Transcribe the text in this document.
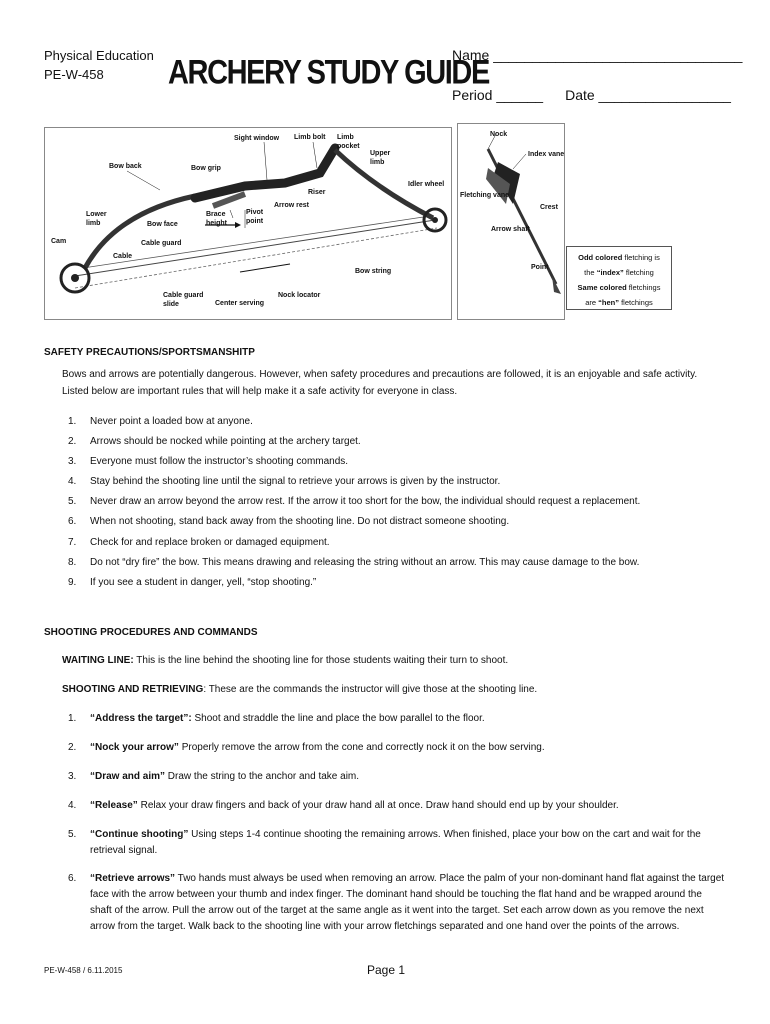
Physical Education
PE-W-458	ARCHERY STUDY GUIDE
Name ________________________________
Period ______ Date _________________
Sight window Limb bolt Limb
pocket
Upper
limb
Bow back	Bow grip
Idler wheel
Riser
Arrow rest
Lower
limb	Bow face
Brace
height
Pivot
point
Cam	Cable guard
Cable
Bow string
Cable guard
slide
Nock locator
Center serving
Nock
Index vane
Fletching vane
Crest
Arrow shaft
Point
Odd colored fletching is
the “index” fletching
Same colored fletchings
are “hen” fletchings
SAFETY PRECAUTIONS/SPORTSMANSHITP
Bows and arrows are potentially dangerous. However, when safety procedures and precautions are followed, it is an enjoyable and safe activity. Listed below are important rules that will help make it a safe activity for everyone in class.
1. Never point a loaded bow at anyone.
2. Arrows should be nocked while pointing at the archery target.
3. Everyone must follow the instructor’s shooting commands.
4. Stay behind the shooting line until the signal to retrieve your arrows is given by the instructor.
5. Never draw an arrow beyond the arrow rest. If the arrow it too short for the bow, the individual should request a replacement.
6. When not shooting, stand back away from the shooting line. Do not distract someone shooting.
7. Check for and replace broken or damaged equipment.
8. Do not “dry fire” the bow. This means drawing and releasing the string without an arrow. This may cause damage to the bow.
9. If you see a student in danger, yell, “stop shooting.”
SHOOTING PROCEDURES AND COMMANDS
WAITING LINE: This is the line behind the shooting line for those students waiting their turn to shoot.
SHOOTING AND RETRIEVING: These are the commands the instructor will give those at the shooting line.
1. “Address the target”: Shoot and straddle the line and place the bow parallel to the floor.
2. “Nock your arrow” Properly remove the arrow from the cone and correctly nock it on the bow serving.
3. “Draw and aim” Draw the string to the anchor and take aim.
4. “Release” Relax your draw fingers and back of your draw hand all at once. Draw hand should end up by your shoulder.
5. “Continue shooting” Using steps 1-4 continue shooting the remaining arrows. When finished, place your bow on the cart and wait for the retrieval signal.
6. “Retrieve arrows” Two hands must always be used when removing an arrow. Place the palm of your non-dominant hand flat against the target face with the arrow between your thumb and index finger. The dominant hand should be touching the flat hand and be wrapped around the shaft of the arrow. Pull the arrow out of the target at the same angle as it went into the target. Set each arrow down as you remove the next arrow from the target. Walk back to the shooting line with your arrow fletchings separated and one hand over the points of the arrows.
PE-W-458 / 6.11.2015	Page 1
